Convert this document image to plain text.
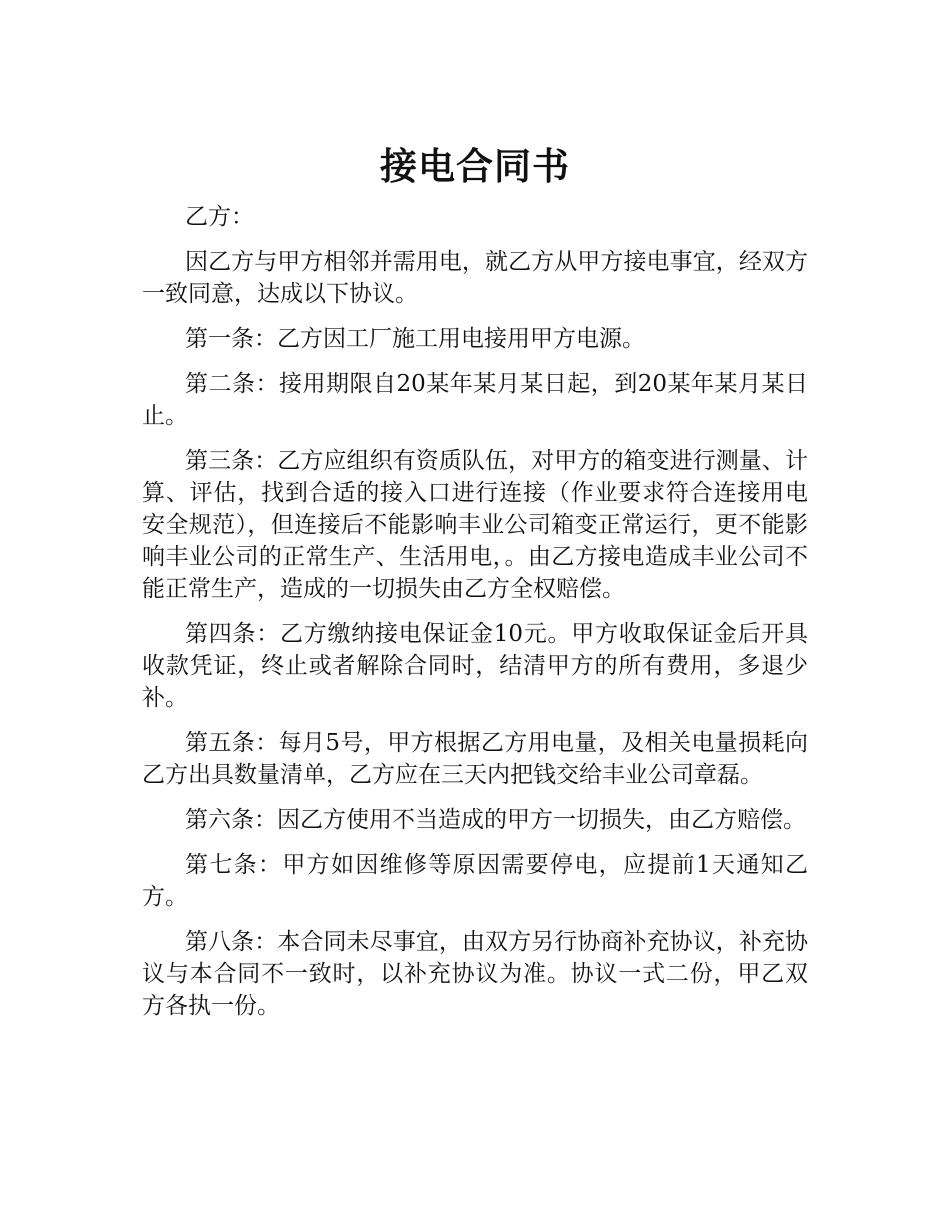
接电合同书

乙方：

因乙方与甲方相邻并需用电，就乙方从甲方接电事宜，经双方一致同意，达成以下协议。

第一条：乙方因工厂施工用电接用甲方电源。

第二条：接用期限自20某年某月某日起，到20某年某月某日止。

第三条：乙方应组织有资质队伍，对甲方的箱变进行测量、计算、评估，找到合适的接入口进行连接（作业要求符合连接用电安全规范），但连接后不能影响丰业公司箱变正常运行，更不能影响丰业公司的正常生产、生活用电，。由乙方接电造成丰业公司不能正常生产，造成的一切损失由乙方全权赔偿。

第四条：乙方缴纳接电保证金10元。甲方收取保证金后开具收款凭证，终止或者解除合同时，结清甲方的所有费用，多退少补。

第五条：每月5号，甲方根据乙方用电量，及相关电量损耗向乙方出具数量清单，乙方应在三天内把钱交给丰业公司章磊。

第六条：因乙方使用不当造成的甲方一切损失，由乙方赔偿。

第七条：甲方如因维修等原因需要停电，应提前1天通知乙方。

第八条：本合同未尽事宜，由双方另行协商补充协议，补充协议与本合同不一致时，以补充协议为准。协议一式二份，甲乙双方各执一份。
